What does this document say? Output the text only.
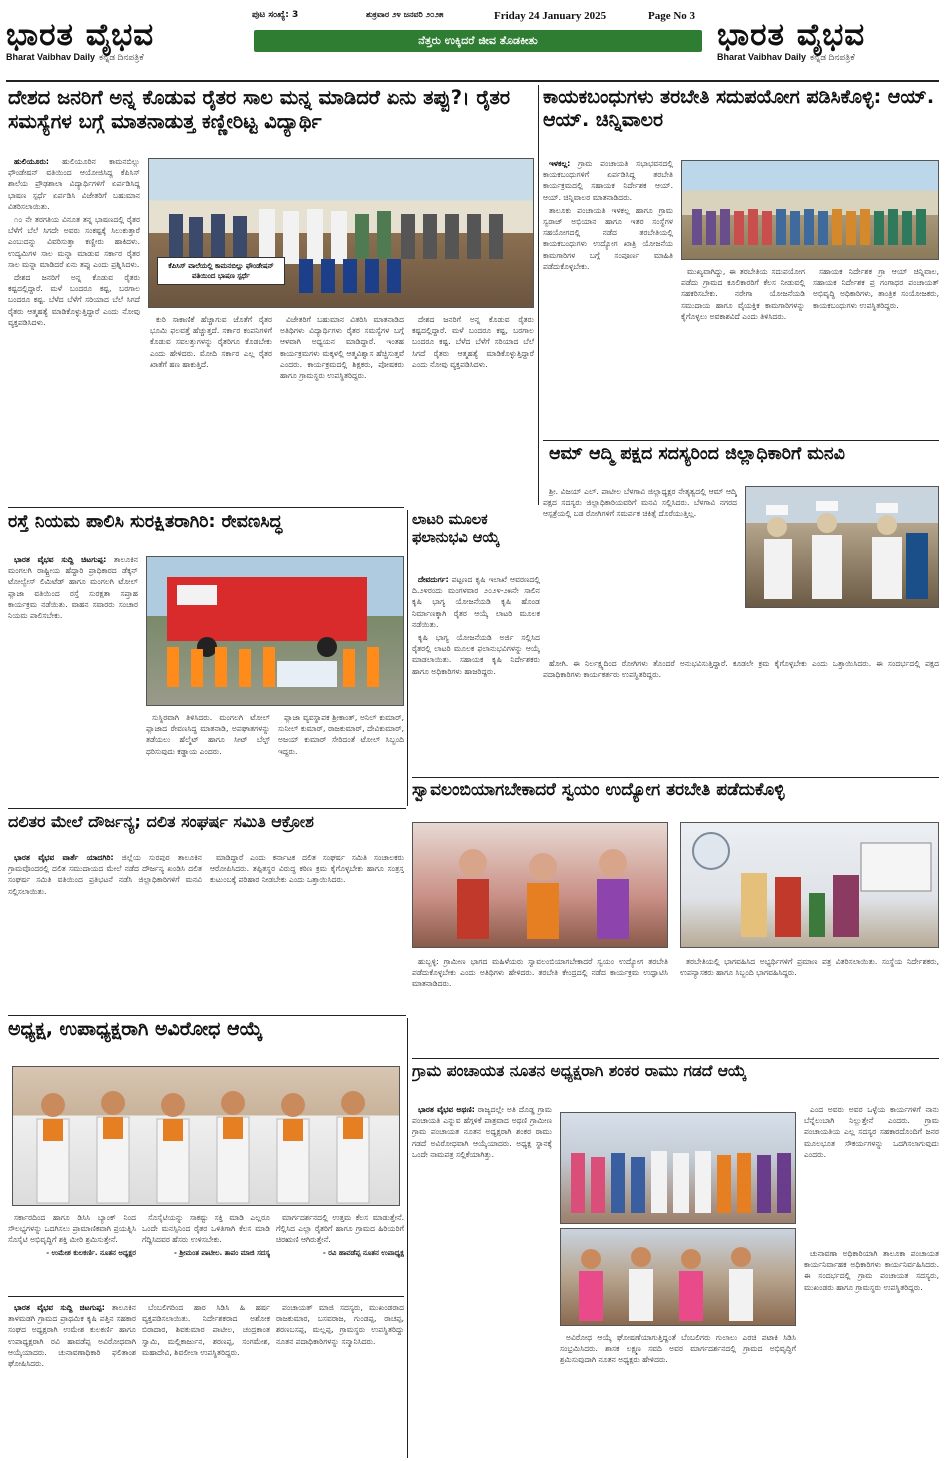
ಭಾರತ ವೈಭವ
Bharat Vaibhav Daily ಕನ್ನಡ ದಿನಪತ್ರಿಕೆ
ಪುಟ ಸಂಖ್ಯೆ: 3	ಶುಕ್ರವಾರ ೨೪ ಜನವರಿ ೨೦೨೫	Friday 24 January 2025	Page No 3
ನೆತ್ತರು ಉಕ್ಕಿದರೆ ಜೀವ ತೊಡಕೀತು	ಭಾರತ ವೈಭವ
Bharat Vaibhav Daily ಕನ್ನಡ ದಿನಪತ್ರಿಕೆ
ದೇಶದ ಜನರಿಗೆ ಅನ್ನ ಕೊಡುವ ರೈತರ ಸಾಲ ಮನ್ನ ಮಾಡಿದರೆ ಏನು ತಪ್ಪು?। ರೈತರ ಸಮಸ್ಯೆಗಳ ಬಗ್ಗೆ ಮಾತನಾಡುತ್ತ ಕಣ್ಣೀರಿಟ್ಟ ವಿದ್ಯಾರ್ಥಿ

ಹುಲಿಯೂರು: ಹುಲಿಯೂರಿನ ಕಾಮನಬಿಲ್ಲು ಫೌಂಡೇಷನ್ ವತಿಯಿಂದ ಆಯೋಜಿಸಿದ್ದ ಕೆಪಿಸಿಸ್ ಶಾಲೆಯ ಪ್ರೌಢಶಾಲಾ ವಿದ್ಯಾರ್ಥಿಗಳಿಗೆ ಏರ್ಪಡಿಸಿದ್ದ ಭಾಷಣ ಸ್ಪರ್ಧೆ ಏರ್ಪಡಿಸಿ ವಿಜೇತರಿಗೆ ಬಹುಮಾನ ವಿತರಿಸಲಾಯಿತು.

೧೦ ನೇ ತರಗತಿಯ ವಿನೂತ ತನ್ನ ಭಾಷಣದಲ್ಲಿ ರೈತರ ಬೆಳೆಗೆ ಬೆಲೆ ಸಿಗದೇ ಅವರು ಸಂಕಷ್ಟಕ್ಕೆ ಸಿಲುಕುತ್ತಾರೆ ಎಂಬುದನ್ನು ವಿವರಿಸುತ್ತಾ ಕಣ್ಣೀರು ಹಾಕಿದಳು. ಉದ್ಯಮಿಗಳ ಸಾಲ ಮನ್ನಾ ಮಾಡುವ ಸರ್ಕಾರ ರೈತರ ಸಾಲ ಮನ್ನಾ ಮಾಡಿದರೆ ಏನು ತಪ್ಪು ಎಂದು ಪ್ರಶ್ನಿಸಿದಳು.

ದೇಶದ ಜನರಿಗೆ ಅನ್ನ ಕೊಡುವ ರೈತರು ಕಷ್ಟದಲ್ಲಿದ್ದಾರೆ. ಮಳೆ ಬಂದರೂ ಕಷ್ಟ, ಬರಗಾಲ ಬಂದರೂ ಕಷ್ಟ. ಬೆಳೆದ ಬೆಳೆಗೆ ಸರಿಯಾದ ಬೆಲೆ ಸಿಗದೆ ರೈತರು ಆತ್ಮಹತ್ಯೆ ಮಾಡಿಕೊಳ್ಳುತ್ತಿದ್ದಾರೆ ಎಂದು ನೋವು ವ್ಯಕ್ತಪಡಿಸಿದಳು.

ಕೆಪಿಸಿಸ್ ವಾಲೆಯಲ್ಲಿ ಕಾಮನಬಿಲ್ಲು ಫೌಂಡೇಷನ್ ವತಿಯಿಂದ ಭಾಷಣ ಸ್ಪರ್ಧೆ

ಕುರಿ ಸಾಕಾಣಿಕೆ ಹೆಚ್ಚಾಗುವ ಜೊತೆಗೆ ರೈತರ ಭೂಮಿ ಫಲವತ್ತೆ ಹೆಚ್ಚುತ್ತದೆ. ಸರ್ಕಾರ ಕಂಪನಿಗಳಿಗೆ ಕೊಡುವ ಸವಲತ್ತುಗಳನ್ನು ರೈತರಿಗೂ ಕೊಡಬೇಕು ಎಂದು ಹೇಳಿದರು. ಮೋದಿ ಸರ್ಕಾರ ಎಲ್ಲ ರೈತರ ಖಾತೆಗೆ ಹಣ ಹಾಕುತ್ತಿದೆ.

ವಿಜೇತರಿಗೆ ಬಹುಮಾನ ವಿತರಿಸಿ ಮಾತನಾಡಿದ ಅತಿಥಿಗಳು ವಿದ್ಯಾರ್ಥಿಗಳು ರೈತರ ಸಮಸ್ಯೆಗಳ ಬಗ್ಗೆ ಆಳವಾಗಿ ಅಧ್ಯಯನ ಮಾಡಿದ್ದಾರೆ. ಇಂತಹ ಕಾರ್ಯಕ್ರಮಗಳು ಮಕ್ಕಳಲ್ಲಿ ಆತ್ಮವಿಶ್ವಾಸ ಹೆಚ್ಚಿಸುತ್ತವೆ ಎಂದರು. ಕಾರ್ಯಕ್ರಮದಲ್ಲಿ ಶಿಕ್ಷಕರು, ಪೋಷಕರು ಹಾಗೂ ಗ್ರಾಮಸ್ಥರು ಉಪಸ್ಥಿತರಿದ್ದರು.

ದೇಶದ ಜನರಿಗೆ ಅನ್ನ ಕೊಡುವ ರೈತರು ಕಷ್ಟದಲ್ಲಿದ್ದಾರೆ. ಮಳೆ ಬಂದರೂ ಕಷ್ಟ, ಬರಗಾಲ ಬಂದರೂ ಕಷ್ಟ. ಬೆಳೆದ ಬೆಳೆಗೆ ಸರಿಯಾದ ಬೆಲೆ ಸಿಗದೆ ರೈತರು ಆತ್ಮಹತ್ಯೆ ಮಾಡಿಕೊಳ್ಳುತ್ತಿದ್ದಾರೆ ಎಂದು ನೋವು ವ್ಯಕ್ತಪಡಿಸಿದಳು.

ಕಾಯಕಬಂಧುಗಳು ತರಬೇತಿ ಸದುಪಯೋಗ ಪಡಿಸಿಕೊಳ್ಳಿ: ಆಯ್. ಆಯ್. ಚಿನ್ನಿವಾಲರ

ಇಳಕಲ್ಲ: ಗ್ರಾಮ ಪಂಚಾಯತಿ ಸಭಾಭವನದಲ್ಲಿ ಕಾಯಕಬಂಧುಗಳಿಗೆ ಏರ್ಪಡಿಸಿದ್ದ ತರಬೇತಿ ಕಾರ್ಯಕ್ರಮದಲ್ಲಿ ಸಹಾಯಕ ನಿರ್ದೇಶಕ ಆಯ್. ಆಯ್. ಚಿನ್ನಿವಾಲರ ಮಾತನಾಡಿದರು.

ತಾಲೂಕು ಪಂಚಾಯತಿ ಇಳಕಲ್ಲ ಹಾಗೂ ಗ್ರಾಮ ಸ್ವರಾಜ್ ಅಭಿಯಾನ ಹಾಗೂ ಇತರ ಸಂಸ್ಥೆಗಳ ಸಹಯೋಗದಲ್ಲಿ ನಡೆದ ತರಬೇತಿಯಲ್ಲಿ ಕಾಯಕಬಂಧುಗಳು ಉದ್ಯೋಗ ಖಾತ್ರಿ ಯೋಜನೆಯ ಕಾಮಗಾರಿಗಳ ಬಗ್ಗೆ ಸಂಪೂರ್ಣ ಮಾಹಿತಿ ಪಡೆದುಕೊಳ್ಳಬೇಕು.

ಮುಖ್ಯವಾಗಿದ್ದು, ಈ ತರಬೇತಿಯ ಸದುಪಯೋಗ ಪಡೆದು ಗ್ರಾಮದ ಕೂಲಿಕಾರರಿಗೆ ಕೆಲಸ ನೀಡುವಲ್ಲಿ ಸಹಕರಿಸಬೇಕು. ನರೇಗಾ ಯೋಜನೆಯಡಿ ಸಮುದಾಯ ಹಾಗೂ ವೈಯಕ್ತಿಕ ಕಾಮಗಾರಿಗಳನ್ನು ಕೈಗೊಳ್ಳಲು ಅವಕಾಶವಿದೆ ಎಂದು ತಿಳಿಸಿದರು.

ಸಹಾಯಕ ನಿರ್ದೇಶಕ ಗ್ರಾ ಆಯ್ ಚಿನ್ನಿವಾಲ, ಸಹಾಯಕ ನಿರ್ದೇಶಕ ಪ್ರ ಗಂಗಾಧರ ಪಂಚಾಯತ್ ಅಭಿವೃದ್ಧಿ ಅಧಿಕಾರಿಗಳು, ತಾಂತ್ರಿಕ ಸಂಯೋಜಕರು, ಕಾಯಕಬಂಧುಗಳು ಉಪಸ್ಥಿತರಿದ್ದರು.

ಆಮ್ ಆದ್ಮಿ ಪಕ್ಷದ ಸದಸ್ಯರಿಂದ ಜಿಲ್ಲಾಧಿಕಾರಿಗೆ ಮನವಿ

ಶ್ರೀ. ವಿಜಯ್ ಎಲ್. ಪಾಟೀಲ ಬೆಳಗಾವಿ ಜಿಲ್ಲಾಧ್ಯಕ್ಷರ ನೇತೃತ್ವದಲ್ಲಿ ಆಮ್ ಆದ್ಮಿ ಪಕ್ಷದ ಸದಸ್ಯರು ಜಿಲ್ಲಾಧಿಕಾರಿಯವರಿಗೆ ಮನವಿ ಸಲ್ಲಿಸಿದರು. ಬೆಳಗಾವಿ ನಗರದ ಆಸ್ಪತ್ರೆಯಲ್ಲಿ ಬಡ ರೋಗಿಗಳಿಗೆ ಸಮರ್ಪಕ ಚಿಕಿತ್ಸೆ ದೊರೆಯುತ್ತಿಲ್ಲ.

ಹೋಗಿ. ಈ ನಿರ್ಲಕ್ಷ್ಯದಿಂದ ರೋಗಿಗಳು ತೊಂದರೆ ಅನುಭವಿಸುತ್ತಿದ್ದಾರೆ. ಕೂಡಲೇ ಕ್ರಮ ಕೈಗೊಳ್ಳಬೇಕು ಎಂದು ಒತ್ತಾಯಿಸಿದರು. ಈ ಸಂದರ್ಭದಲ್ಲಿ ಪಕ್ಷದ ಪದಾಧಿಕಾರಿಗಳು ಕಾರ್ಯಕರ್ತರು ಉಪಸ್ಥಿತರಿದ್ದರು.

ರಸ್ತೆ ನಿಯಮ ಪಾಲಿಸಿ ಸುರಕ್ಷಿತರಾಗಿರಿ: ರೇವಣಸಿದ್ಧ

ಭಾರತ ವೈಭವ ಸುದ್ದಿ ಚಿಟಗುಪ್ಪ: ತಾಲೂಕಿನ ಮಂಗಲಗಿ ರಾಷ್ಟ್ರೀಯ ಹೆದ್ದಾರಿ ಪ್ರಾಧಿಕಾರದ ಡೆಕ್ಕನ್ ಟೋಲ್ವೇಸ್ ಲಿಮಿಟೆಡ್ ಹಾಗೂ ಮಂಗಲಗಿ ಟೋಲ್ ಪ್ಲಾಜಾ ವತಿಯಿಂದ ರಸ್ತೆ ಸುರಕ್ಷತಾ ಸಪ್ತಾಹ ಕಾರ್ಯಕ್ರಮ ನಡೆಯಿತು. ವಾಹನ ಸವಾರರು ಸಂಚಾರ ನಿಯಮ ಪಾಲಿಸಬೇಕು.

ಸುಸ್ಥಿರವಾಗಿ ತಿಳಿಸಿದರು. ಮಂಗಲಗಿ ಟೋಲ್ ಪ್ಲಾಜಾದ ರೇವಣಸಿದ್ಧ ಮಾತನಾಡಿ, ಅಪಘಾತಗಳನ್ನು ತಡೆಯಲು ಹೆಲ್ಮೆಟ್ ಹಾಗೂ ಸೀಟ್ ಬೆಲ್ಟ್ ಧರಿಸುವುದು ಕಡ್ಡಾಯ ಎಂದರು.

ಪ್ಲಾಜಾ ವ್ಯವಸ್ಥಾಪಕ ಶ್ರೀಕಾಂತ್, ಅನಿಲ್ ಕುಮಾರ್, ಸುನೀಲ್ ಕುಮಾರ್, ರಾಜಕುಮಾರ್, ದೇವಿಕುಮಾರ್, ಅಜಯ್ ಕುಮಾರ್ ಸೇರಿದಂತೆ ಟೋಲ್ ಸಿಬ್ಬಂದಿ ಇದ್ದರು.

ಲಾಟರಿ ಮೂಲಕ ಫಲಾನುಭವಿ ಆಯ್ಕೆ

ದೇವದುರ್ಗ: ಪಟ್ಟಣದ ಕೃಷಿ ಇಲಾಖೆ ಆವರಣದಲ್ಲಿ ದಿ.೨೪ರಂದು ಮಂಗಳವಾರ ೨೦೨೪-೨೫ನೇ ಸಾಲಿನ ಕೃಷಿ ಭಾಗ್ಯ ಯೋಜನೆಯಡಿ ಕೃಷಿ ಹೊಂಡ ನಿರ್ಮಾಣಕ್ಕಾಗಿ ರೈತರ ಆಯ್ಕೆ ಲಾಟರಿ ಮೂಲಕ ನಡೆಯಿತು.

ಕೃಷಿ ಭಾಗ್ಯ ಯೋಜನೆಯಡಿ ಅರ್ಜಿ ಸಲ್ಲಿಸಿದ ರೈತರಲ್ಲಿ ಲಾಟರಿ ಮೂಲಕ ಫಲಾನುಭವಿಗಳನ್ನು ಆಯ್ಕೆ ಮಾಡಲಾಯಿತು. ಸಹಾಯಕ ಕೃಷಿ ನಿರ್ದೇಶಕರು ಹಾಗೂ ಅಧಿಕಾರಿಗಳು ಹಾಜರಿದ್ದರು.

ಸ್ವಾವಲಂಬಿಯಾಗಬೇಕಾದರೆ ಸ್ವಯಂ ಉದ್ಯೋಗ ತರಬೇತಿ ಪಡೆದುಕೊಳ್ಳಿ

ಹುಬ್ಬಳ್ಳಿ: ಗ್ರಾಮೀಣ ಭಾಗದ ಮಹಿಳೆಯರು ಸ್ವಾವಲಂಬಿಯಾಗಬೇಕಾದರೆ ಸ್ವಯಂ ಉದ್ಯೋಗ ತರಬೇತಿ ಪಡೆದುಕೊಳ್ಳಬೇಕು ಎಂದು ಅತಿಥಿಗಳು ಹೇಳಿದರು. ತರಬೇತಿ ಕೇಂದ್ರದಲ್ಲಿ ನಡೆದ ಕಾರ್ಯಕ್ರಮ ಉದ್ಘಾಟಿಸಿ ಮಾತನಾಡಿದರು.

ತರಬೇತಿಯಲ್ಲಿ ಭಾಗವಹಿಸಿದ ಅಭ್ಯರ್ಥಿಗಳಿಗೆ ಪ್ರಮಾಣ ಪತ್ರ ವಿತರಿಸಲಾಯಿತು. ಸಂಸ್ಥೆಯ ನಿರ್ದೇಶಕರು, ಉಪನ್ಯಾಸಕರು ಹಾಗೂ ಸಿಬ್ಬಂದಿ ಭಾಗವಹಿಸಿದ್ದರು.

ದಲಿತರ ಮೇಲೆ ದೌರ್ಜನ್ಯ; ದಲಿತ ಸಂಘರ್ಷ ಸಮಿತಿ ಆಕ್ರೋಶ

ಭಾರತ ವೈಭವ ವಾರ್ತೆ ಯಾದಗಿರಿ: ಜಿಲ್ಲೆಯ ಸುರಪುರ ತಾಲೂಕಿನ ಗ್ರಾಮವೊಂದರಲ್ಲಿ ದಲಿತ ಸಮುದಾಯದ ಮೇಲೆ ನಡೆದ ದೌರ್ಜನ್ಯ ಖಂಡಿಸಿ ದಲಿತ ಸಂಘರ್ಷ ಸಮಿತಿ ವತಿಯಿಂದ ಪ್ರತಿಭಟನೆ ನಡೆಸಿ ಜಿಲ್ಲಾಧಿಕಾರಿಗಳಿಗೆ ಮನವಿ ಸಲ್ಲಿಸಲಾಯಿತು.

ಮಾಡಿದ್ದಾರೆ ಎಂದು ಕರ್ನಾಟಕ ದಲಿತ ಸಂಘರ್ಷ ಸಮಿತಿ ಸಂಚಾಲಕರು ಆರೋಪಿಸಿದರು. ತಪ್ಪಿತಸ್ಥರ ವಿರುದ್ಧ ಕಠಿಣ ಕ್ರಮ ಕೈಗೊಳ್ಳಬೇಕು ಹಾಗೂ ಸಂತ್ರಸ್ತ ಕುಟುಂಬಕ್ಕೆ ಪರಿಹಾರ ನೀಡಬೇಕು ಎಂದು ಒತ್ತಾಯಿಸಿದರು.

ಅಧ್ಯಕ್ಷ, ಉಪಾಧ್ಯಕ್ಷರಾಗಿ ಅವಿರೋಧ ಆಯ್ಕೆ

ಸರ್ಕಾರದಿಂದ ಹಾಗೂ ಡಿಸಿಸಿ ಬ್ಯಾಂಕ್ ನಿಂದ ಸೌಲಭ್ಯಗಳನ್ನು ಒದಗಿಸಲು ಪ್ರಾಮಾಣಿಕವಾಗಿ ಪ್ರಯತ್ನಿಸಿ ಸೊಸೈಟಿ ಅಭಿವೃದ್ಧಿಗೆ ಶಕ್ತಿ ಮೀರಿ ಶ್ರಮಿಸುತ್ತೇನೆ.

- ಉಮೇಶ ಕುಲಕರ್ಣಿ. ನೂತನ ಅಧ್ಯಕ್ಷರ

ಸೊಸೈಟಿಯನ್ನು ಸಾಕಷ್ಟು ಸಕ್ತಿ ಮಾಡಿ ಎಲ್ಲರೂ ಒಂದೇ ಮನಸ್ಸಿನಿಂದ ರೈತರ ಒಳಿತಿಗಾಗಿ ಕೆಲಸ ಮಾಡಿ ಗೆದ್ದಿಸಿದವರ ಹೆಸರು ಉಳಿಸಬೇಕು.

- ಶ್ರೀಮಂತ ಪಾಟೀಲ. ತಾಪಂ ಮಾಜಿ ಸದಸ್ಯ

ಮಾರ್ಗದರ್ಶನದಲ್ಲಿ ಉತ್ತಮ ಕೆಲಸ ಮಾಡುತ್ತೇನೆ. ಗೆಲ್ಲಿಸಿದ ಎಲ್ಲಾ ರೈತರಿಗೆ ಹಾಗೂ ಗ್ರಾಮದ ಹಿರಿಯರಿಗೆ ಚಿರಋಣಿ ಆಗಿರುತ್ತೇನೆ.

- ರವಿ ಹಾವಡೆಪ್ಪ ನೂತನ ಉಪಾಧ್ಯಕ್ಷ

ಭಾರತ ವೈಭವ ಸುದ್ದಿ ಚಿಟಗುಪ್ಪ: ತಾಲೂಕಿನ ತಾಳಮಡಗಿ ಗ್ರಾಮದ ಪ್ರಾಥಮಿಕ ಕೃಷಿ ಪತ್ತಿನ ಸಹಕಾರ ಸಂಘದ ಅಧ್ಯಕ್ಷರಾಗಿ ಉಮೇಶ ಕುಲಕರ್ಣಿ ಹಾಗೂ ಉಪಾಧ್ಯಕ್ಷರಾಗಿ ರವಿ ಹಾವಡೆಪ್ಪ ಅವಿರೋಧವಾಗಿ ಆಯ್ಕೆಯಾದರು. ಚುನಾವಣಾಧಿಕಾರಿ ಫಲಿತಾಂಶ ಘೋಷಿಸಿದರು.

ಬೆಂಬಲಿಗರಿಂದ ಹಾರ ಸಿಡಿಸಿ ಹಿ ಹರ್ಷ ವ್ಯಕ್ತಪಡಿಸಲಾಯಿತು. ನಿರ್ದೇಶಕರಾದ ಅಶೋಕ ಬಿರಾದಾರ, ಶಿವಕುಮಾರ ಪಾಟೀಲ, ಚಂದ್ರಕಾಂತ ಸ್ವಾಮಿ, ಮಲ್ಲಿಕಾರ್ಜುನ, ಶರಣಪ್ಪ, ಸಂಗಮೇಶ, ಮಹಾದೇವಿ, ಶಿವಲೀಲಾ ಉಪಸ್ಥಿತರಿದ್ದರು.

ಪಂಚಾಯತ್ ಮಾಜಿ ಸದಸ್ಯರು, ಮುಖಂಡರಾದ ರಾಜಕುಮಾರ, ಬಸವರಾಜ, ಗುಂಡಪ್ಪ, ರಾಚಪ್ಪ, ಶರಣಬಸಪ್ಪ, ಮಲ್ಲಪ್ಪ, ಗ್ರಾಮಸ್ಥರು ಉಪಸ್ಥಿತರಿದ್ದು ನೂತನ ಪದಾಧಿಕಾರಿಗಳನ್ನು ಸನ್ಮಾನಿಸಿದರು.

ಗ್ರಾಮ ಪಂಚಾಯತ ನೂತನ ಅಧ್ಯಕ್ಷರಾಗಿ ಶಂಕರ ರಾಮು ಗಡದೆ ಆಯ್ಕೆ

ಭಾರತ ವೈಭವ ಅಥಣಿ: ರಾಜ್ಯದಲ್ಲೇ ಅತಿ ದೊಡ್ಡ ಗ್ರಾಮ ಪಂಚಾಯತಿ ಎನ್ನುವ ಹೆಗ್ಗಳಿಕೆ ಪಾತ್ರವಾದ ಅಥಣಿ ಗ್ರಾಮೀಣ ಗ್ರಾಮ ಪಂಚಾಯತ ನೂತನ ಅಧ್ಯಕ್ಷರಾಗಿ ಶಂಕರ ರಾಮು ಗಡದೆ ಅವಿರೋಧವಾಗಿ ಆಯ್ಕೆಯಾದರು. ಅಧ್ಯಕ್ಷ ಸ್ಥಾನಕ್ಕೆ ಒಂದೇ ನಾಮಪತ್ರ ಸಲ್ಲಿಕೆಯಾಗಿತ್ತು.

ಎಂದ ಅವರು ಅವರ ಒಳ್ಳೆಯ ಕಾರ್ಯಗಳಿಗೆ ನಾನು ಬೆನ್ನೆಲುಬಾಗಿ ನಿಲ್ಲುತ್ತೇನೆ ಎಂದರು. ಗ್ರಾಮ ಪಂಚಾಯತಿಯ ಎಲ್ಲ ಸದಸ್ಯರ ಸಹಕಾರದೊಂದಿಗೆ ಜನರ ಮೂಲಭೂತ ಸೌಕರ್ಯಗಳನ್ನು ಒದಗಿಸಲಾಗುವುದು ಎಂದರು.

ಚುನಾವಣಾ ಅಧಿಕಾರಿಯಾಗಿ ತಾಲೂಕಾ ಪಂಚಾಯತ ಕಾರ್ಯನಿರ್ವಾಹಕ ಅಧಿಕಾರಿಗಳು ಕಾರ್ಯನಿರ್ವಹಿಸಿದರು. ಈ ಸಂದರ್ಭದಲ್ಲಿ ಗ್ರಾಮ ಪಂಚಾಯತ ಸದಸ್ಯರು, ಮುಖಂಡರು ಹಾಗೂ ಗ್ರಾಮಸ್ಥರು ಉಪಸ್ಥಿತರಿದ್ದರು.

ಅವಿರೋಧ ಆಯ್ಕೆ ಘೋಷಣೆಯಾಗುತ್ತಿದ್ದಂತೆ ಬೆಂಬಲಿಗರು ಗುಲಾಲು ಎರಚಿ ಪಟಾಕಿ ಸಿಡಿಸಿ ಸಂಭ್ರಮಿಸಿದರು. ಶಾಸಕ ಲಕ್ಷ್ಮಣ ಸವದಿ ಅವರ ಮಾರ್ಗದರ್ಶನದಲ್ಲಿ ಗ್ರಾಮದ ಅಭಿವೃದ್ಧಿಗೆ ಶ್ರಮಿಸುವುದಾಗಿ ನೂತನ ಅಧ್ಯಕ್ಷರು ಹೇಳಿದರು.
